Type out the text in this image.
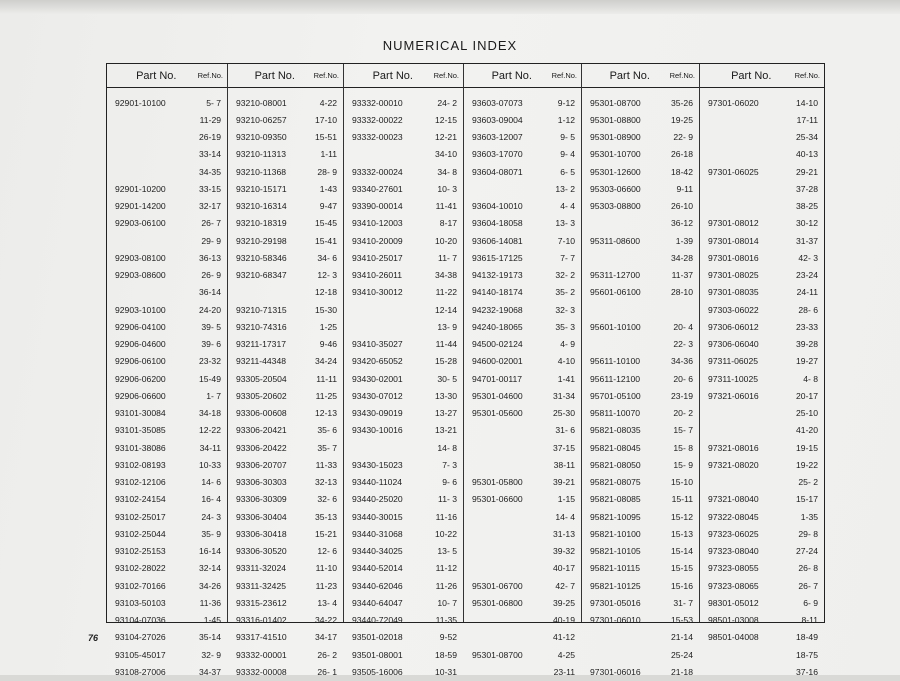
NUMERICAL INDEX
Part No.	Ref.No.
92901-10100	5- 7
11-29
26-19
33-14
34-35
92901-10200	33-15
92901-14200	32-17
92903-06100	26- 7
29- 9
92903-08100	36-13
92903-08600	26- 9
36-14
92903-10100	24-20
92906-04100	39- 5
92906-04600	39- 6
92906-06100	23-32
92906-06200	15-49
92906-06600	1- 7
93101-30084	34-18
93101-35085	12-22
93101-38086	34-11
93102-08193	10-33
93102-12106	14- 6
93102-24154	16- 4
93102-25017	24- 3
93102-25044	35- 9
93102-25153	16-14
93102-28022	32-14
93102-70166	34-26
93103-50103	11-36
93104-07036	1-45
93104-27026	35-14
93105-45017	32- 9
93108-27006	34-37
Part No.	Ref.No.
93210-08001	4-22
93210-06257	17-10
93210-09350	15-51
93210-11313	1-11
93210-11368	28- 9
93210-15171	1-43
93210-16314	9-47
93210-18319	15-45
93210-29198	15-41
93210-58346	34- 6
93210-68347	12- 3
12-18
93210-71315	15-30
93210-74316	1-25
93211-17317	9-46
93211-44348	34-24
93305-20504	11-11
93305-20602	11-25
93306-00608	12-13
93306-20421	35- 6
93306-20422	35- 7
93306-20707	11-33
93306-30303	32-13
93306-30309	32- 6
93306-30404	35-13
93306-30418	15-21
93306-30520	12- 6
93311-32024	11-10
93311-32425	11-23
93315-23612	13- 4
93316-01402	34-22
93317-41510	34-17
93332-00001	26- 2
93332-00008	26- 1
Part No.	Ref.No.
93332-00010	24- 2
93332-00022	12-15
93332-00023	12-21
34-10
93332-00024	34- 8
93340-27601	10- 3
93390-00014	11-41
93410-12003	8-17
93410-20009	10-20
93410-25017	11- 7
93410-26011	34-38
93410-30012	11-22
12-14
13- 9
93410-35027	11-44
93420-65052	15-28
93430-02001	30- 5
93430-07012	13-30
93430-09019	13-27
93430-10016	13-21
14- 8
93430-15023	7- 3
93440-11024	9- 6
93440-25020	11- 3
93440-30015	11-16
93440-31068	10-22
93440-34025	13- 5
93440-52014	11-12
93440-62046	11-26
93440-64047	10- 7
93440-72049	11-35
93501-02018	9-52
93501-08001	18-59
93505-16006	10-31
Part No.	Ref.No.
93603-07073	9-12
93603-09004	1-12
93603-12007	9- 5
93603-17070	9- 4
93604-08071	6- 5
13- 2
93604-10010	4- 4
93604-18058	13- 3
93606-14081	7-10
93615-17125	7- 7
94132-19173	32- 2
94140-18174	35- 2
94232-19068	32- 3
94240-18065	35- 3
94500-02124	4- 9
94600-02001	4-10
94701-00117	1-41
95301-04600	31-34
95301-05600	25-30
31- 6
37-15
38-11
95301-05800	39-21
95301-06600	1-15
14- 4
31-13
39-32
40-17
95301-06700	42- 7
95301-06800	39-25
40-19
41-12
95301-08700	4-25
23-11
Part No.	Ref.No.
95301-08700	35-26
95301-08800	19-25
95301-08900	22- 9
95301-10700	26-18
95301-12600	18-42
95303-06600	9-11
95303-08800	26-10
36-12
95311-08600	1-39
34-28
95311-12700	11-37
95601-06100	28-10
95601-10100	20- 4
22- 3
95611-10100	34-36
95611-12100	20- 6
95701-05100	23-19
95811-10070	20- 2
95821-08035	15- 7
95821-08045	15- 8
95821-08050	15- 9
95821-08075	15-10
95821-08085	15-11
95821-10095	15-12
95821-10100	15-13
95821-10105	15-14
95821-10115	15-15
95821-10125	15-16
97301-05016	31- 7
97301-06010	15-53
21-14
25-24
97301-06016	21-18
Part No.	Ref.No.
97301-06020	14-10
17-11
25-34
40-13
97301-06025	29-21
37-28
38-25
97301-08012	30-12
97301-08014	31-37
97301-08016	42- 3
97301-08025	23-24
97301-08035	24-11
97303-06022	28- 6
97306-06012	23-33
97306-06040	39-28
97311-06025	19-27
97311-10025	4- 8
97321-06016	20-17
25-10
41-20
97321-08016	19-15
97321-08020	19-22
25- 2
97321-08040	15-17
97322-08045	1-35
97323-06025	29- 8
97323-08040	27-24
97323-08055	26- 8
97323-08065	26- 7
98301-05012	6- 9
98501-03008	8-11
98501-04008	18-49
18-75
37-16
76
